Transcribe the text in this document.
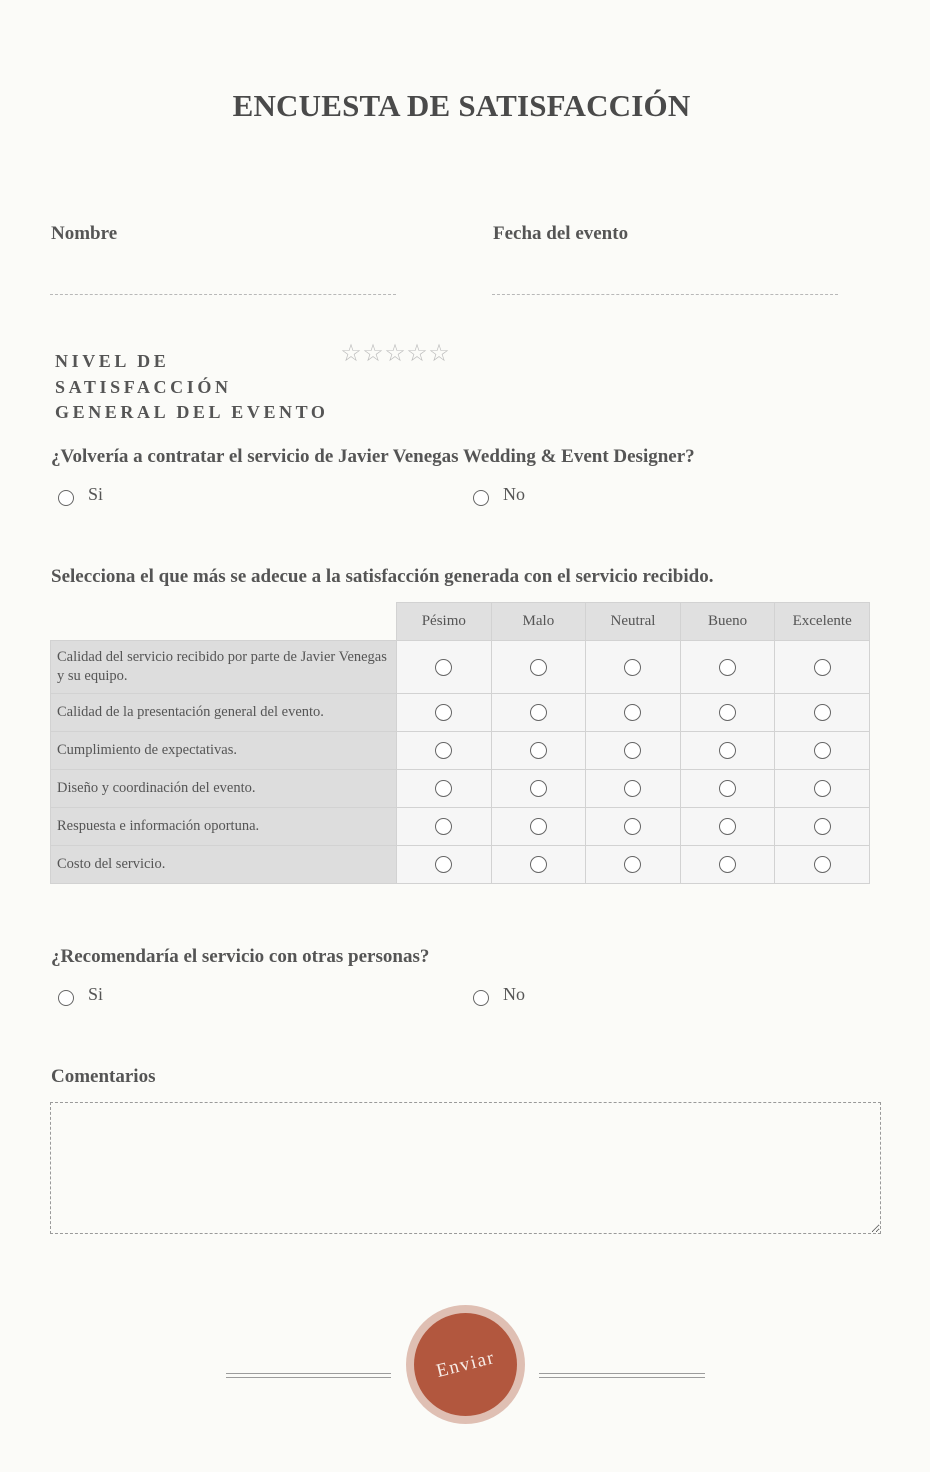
ENCUESTA DE SATISFACCIÓN
Nombre	Fecha del evento
NIVEL DE
SATISFACCIÓN
GENERAL DEL EVENTO
☆ ☆ ☆ ☆ ☆
¿Volvería a contratar el servicio de Javier Venegas Wedding & Event Designer?
Si	No
Selecciona el que más se adecue a la satisfacción generada con el servicio recibido.
	Pésimo	Malo	Neutral	Bueno	Excelente
Calidad del servicio recibido por parte de Javier Venegas y su equipo.					
Calidad de la presentación general del evento.					
Cumplimiento de expectativas.					
Diseño y coordinación del evento.					
Respuesta e información oportuna.					
Costo del servicio.					
¿Recomendaría el servicio con otras personas?
Si	No
Comentarios
Enviar
